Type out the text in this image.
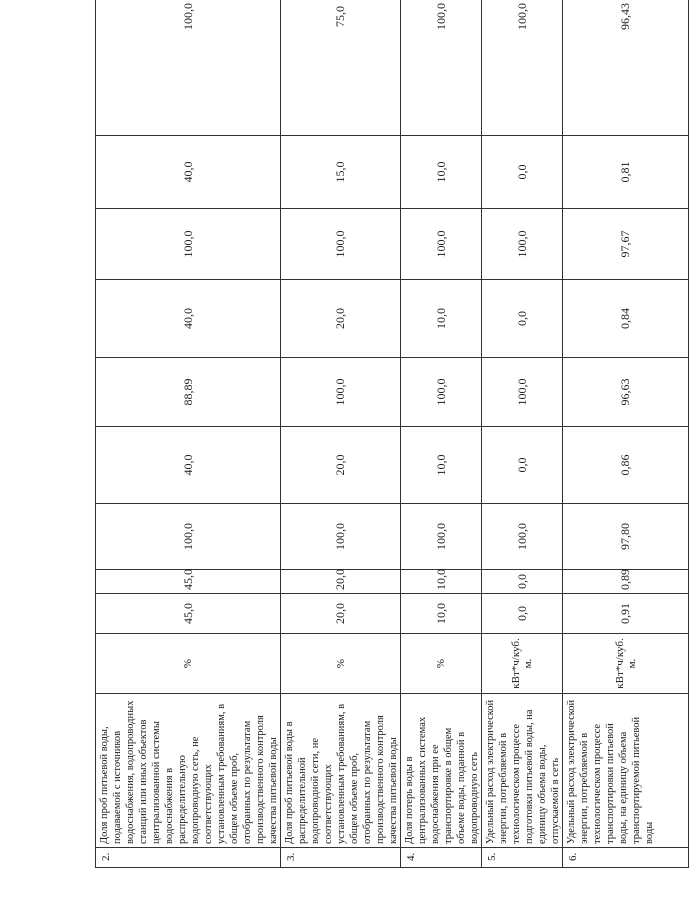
2.	Доля проб питьевой воды, подаваемой с источников водоснабжения, водопроводных станций или иных объектов централизованной системы водоснабжения в распределительную водопроводную сеть, не соответствующих установленным требованиям, в общем объеме проб, отобранных по результатам производственного контроля качества питьевой воды	%	45,0	45,0	100,0	40,0	88,89	40,0	100,0	40,0	100,0
3.	Доля проб питьевой воды в распределительной водопроводной сети, не соответствующих установленным требованиям, в общем объеме проб, отобранных по результатам производственного контроля качества питьевой воды	%	20,0	20,0	100,0	20,0	100,0	20,0	100,0	15,0	75,0
4.	Доля потерь воды в централизованных системах водоснабжения при ее транспортировке в общем объеме воды, поданной в водопроводную сеть	%	10,0	10,0	100,0	10,0	100,0	10,0	100,0	10,0	100,0
5.	Удельный расход электрической энергии, потребляемой в технологическом процессе подготовки питьевой воды, на единицу объема воды, отпускаемой в сеть	кВт*ч/куб. м.	0,0	0,0	100,0	0,0	100,0	0,0	100,0	0,0	100,0
6.	Удельный расход электрической энергии, потребляемой в технологическом процессе транспортировки питьевой воды, на единицу объема транспортируемой питьевой воды	кВт*ч/куб. м.	0,91	0,89	97,80	0,86	96,63	0,84	97,67	0,81	96,43
